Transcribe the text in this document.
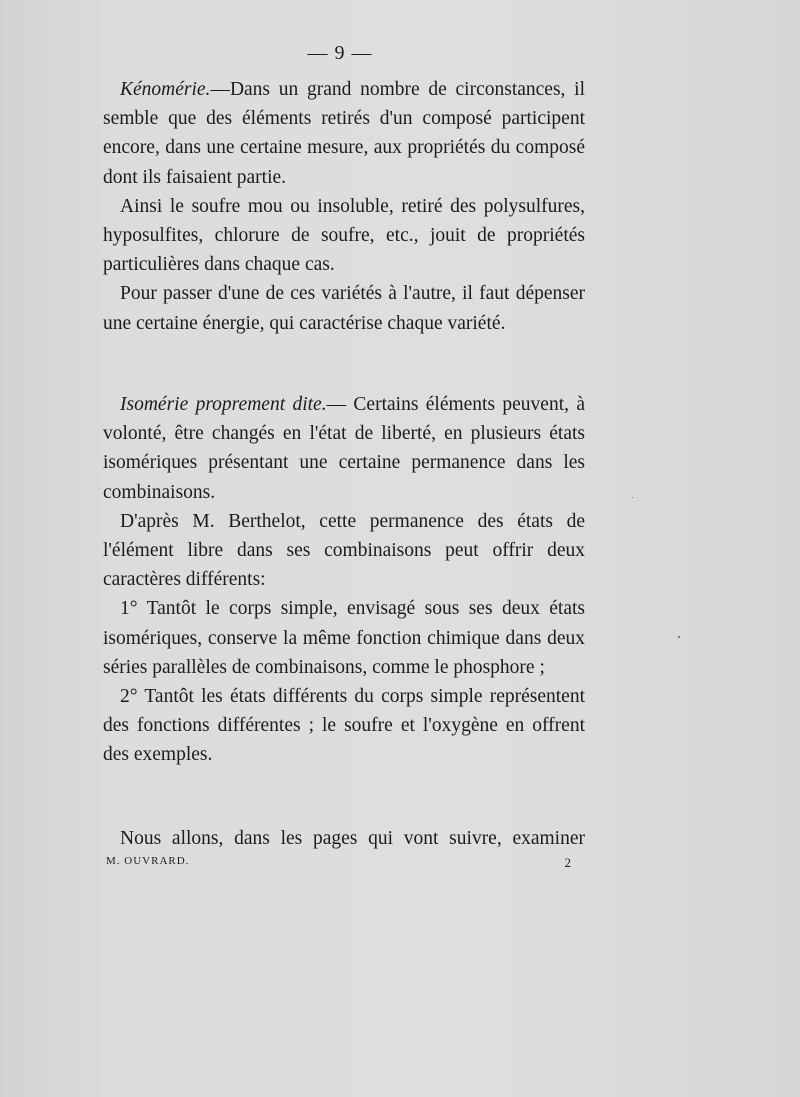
— 9 —

Kénomérie.—Dans un grand nombre de circonstances, il semble que des éléments retirés d'un composé participent encore, dans une certaine mesure, aux propriétés du composé dont ils faisaient partie.

Ainsi le soufre mou ou insoluble, retiré des polysulfures, hyposulfites, chlorure de soufre, etc., jouit de propriétés particulières dans chaque cas.

Pour passer d'une de ces variétés à l'autre, il faut dépenser une certaine énergie, qui caractérise chaque variété.

Isomérie proprement dite.— Certains éléments peuvent, à volonté, être changés en l'état de liberté, en plusieurs états isomériques présentant une certaine permanence dans les combinaisons.

D'après M. Berthelot, cette permanence des états de l'élément libre dans ses combinaisons peut offrir deux caractères différents:

1° Tantôt le corps simple, envisagé sous ses deux états isomériques, conserve la même fonction chimique dans deux séries parallèles de combinaisons, comme le phosphore ;

2° Tantôt les états différents du corps simple représentent des fonctions différentes ; le soufre et l'oxygène en offrent des exemples.

Nous allons, dans les pages qui vont suivre, examiner

M. OUVRARD.	2
